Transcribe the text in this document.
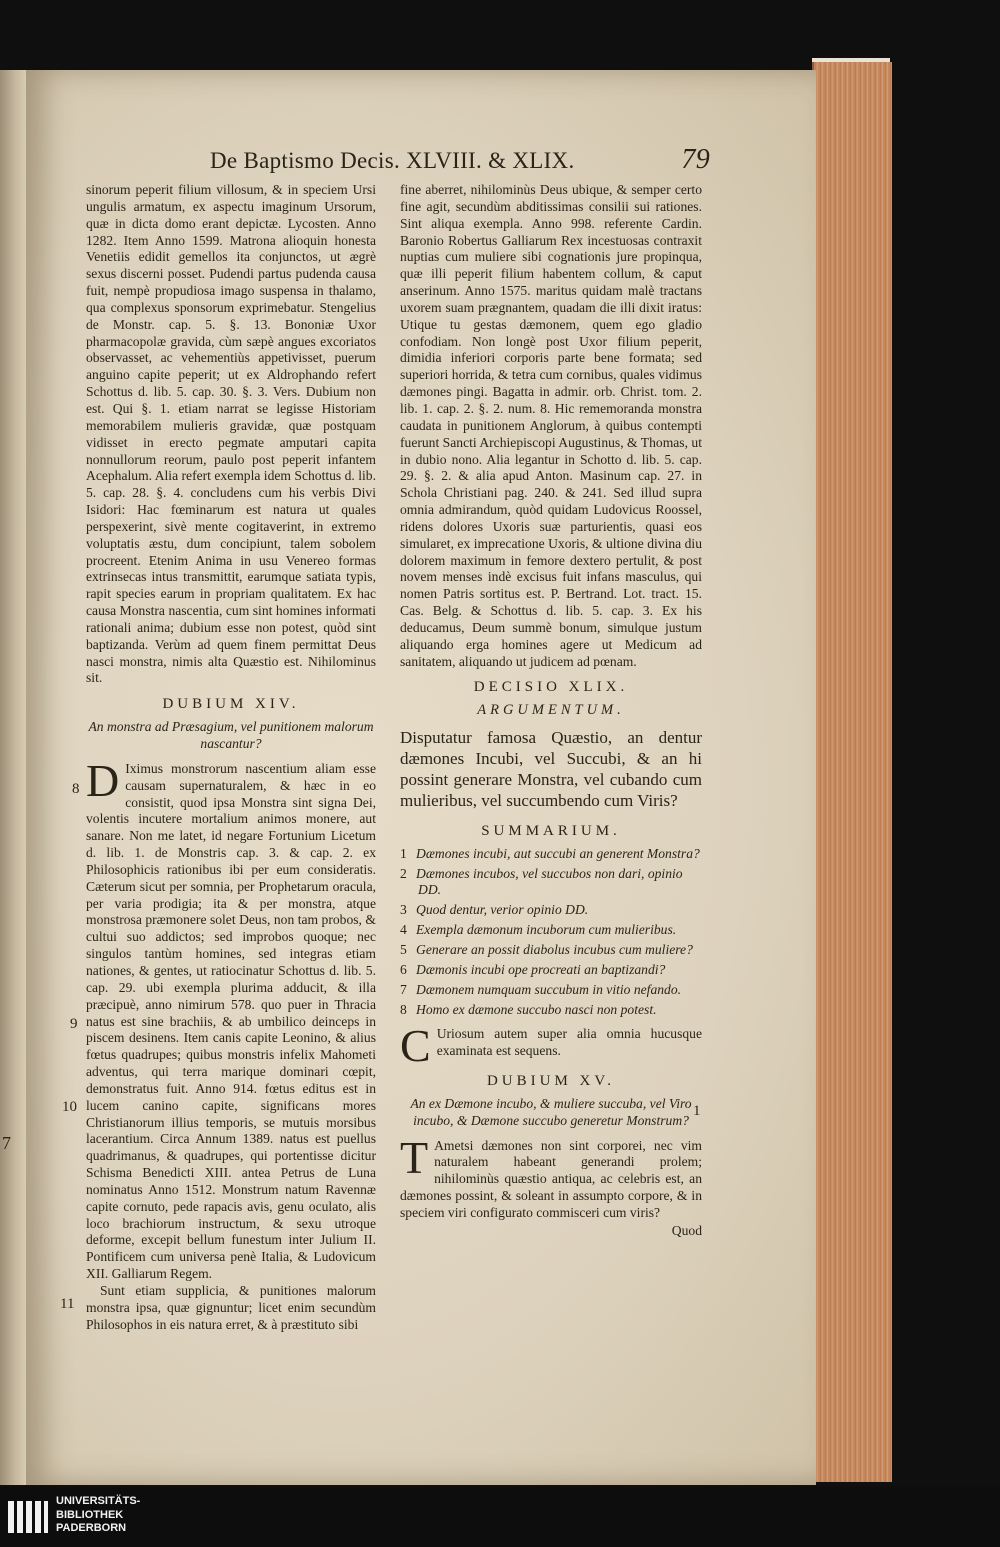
De Baptismo Decis. XLVIII. & XLIX.	79

sinorum peperit filium villosum, & in speciem Ursi ungulis armatum, ex aspectu imaginum Ursorum, quæ in dicta domo erant depictæ. Lycosten. Anno 1282. Item Anno 1599. Matrona alioquin honesta Venetiis edidit gemellos ita conjunctos, ut ægrè sexus discerni posset. Pudendi partus pudenda causa fuit, nempè propudiosa imago suspensa in thalamo, qua complexus sponsorum exprimebatur. Stengelius de Monstr. cap. 5. §. 13. Bononiæ Uxor pharmacopolæ gravida, cùm sæpè angues excoriatos observasset, ac vehementiùs appetivisset, puerum anguino capite peperit; ut ex Aldrophando refert Schottus d. lib. 5. cap. 30. §. 3. Vers. Dubium non est. Qui §. 1. etiam narrat se legisse Historiam memorabilem mulieris gravidæ, quæ postquam vidisset in erecto pegmate amputari capita nonnullorum reorum, paulo post peperit infantem Acephalum. Alia refert exempla idem Schottus d. lib. 5. cap. 28. §. 4. concludens cum his verbis Divi Isidori: Hac fœminarum est natura ut quales perspexerint, sivè mente cogitaverint, in extremo voluptatis æstu, dum concipiunt, talem sobolem procreent. Etenim Anima in usu Venereo formas extrinsecas intus transmittit, earumque satiata typis, rapit species earum in propriam qualitatem. Ex hac causa Monstra nascentia, cum sint homines informati rationali anima; dubium esse non potest, quòd sint baptizanda. Verùm ad quem finem permittat Deus nasci monstra, nimis alta Quæstio est. Nihilominus sit.

DUBIUM XIV.
An monstra ad Præsagium, vel punitionem malorum nascantur?
D Iximus monstrorum nascentium aliam esse causam supernaturalem, & hæc in eo consistit, quod ipsa Monstra sint signa Dei, volentis incutere mortalium animos monere, aut sanare. Non me latet, id negare Fortunium Licetum d. lib. 1. de Monstris cap. 3. & cap. 2. ex Philosophicis rationibus ibi per eum consideratis. Cæterum sicut per somnia, per Prophetarum oracula, per varia prodigia; ita & per monstra, atque monstrosa præmonere solet Deus, non tam probos, & cultui suo addictos; sed improbos quoque; nec singulos tantùm homines, sed integras etiam nationes, & gentes, ut ratiocinatur Schottus d. lib. 5. cap. 29. ubi exempla plurima adducit, & illa præcipuè, anno nimirum 578. quo puer in Thracia natus est sine brachiis, & ab umbilico deinceps in piscem desinens. Item canis capite Leonino, & alius fœtus quadrupes; quibus monstris infelix Mahometi adventus, qui terra marique dominari cœpit, demonstratus fuit. Anno 914. fœtus editus est in lucem canino capite, significans mores Christianorum illius temporis, se mutuis morsibus lacerantium. Circa Annum 1389. natus est puellus quadrimanus, & quadrupes, qui portentisse dicitur Schisma Benedicti XIII. antea Petrus de Luna nominatus Anno 1512. Monstrum natum Ravennæ capite cornuto, pede rapacis avis, genu oculato, alis loco brachiorum instructum, & sexu utroque deforme, excepit bellum funestum inter Julium II. Pontificem cum universa penè Italia, & Ludovicum XII. Galliarum Regem.

Sunt etiam supplicia, & punitiones malorum monstra ipsa, quæ gignuntur; licet enim secundùm Philosophos in eis natura erret, & à præstituto sibi

fine aberret, nihilominùs Deus ubique, & semper certo fine agit, secundùm abditissimas consilii sui rationes. Sint aliqua exempla. Anno 998. referente Cardin. Baronio Robertus Galliarum Rex incestuosas contraxit nuptias cum muliere sibi cognationis jure propinqua, quæ illi peperit filium habentem collum, & caput anserinum. Anno 1575. maritus quidam malè tractans uxorem suam prægnantem, quadam die illi dixit iratus: Utique tu gestas dæmonem, quem ego gladio confodiam. Non longè post Uxor filium peperit, dimidia inferiori corporis parte bene formata; sed superiori horrida, & tetra cum cornibus, quales vidimus dæmones pingi. Bagatta in admir. orb. Christ. tom. 2. lib. 1. cap. 2. §. 2. num. 8. Hic rememoranda monstra caudata in punitionem Anglorum, à quibus contempti fuerunt Sancti Archiepiscopi Augustinus, & Thomas, ut in dubio nono. Alia legantur in Schotto d. lib. 5. cap. 29. §. 2. & alia apud Anton. Masinum cap. 27. in Schola Christiani pag. 240. & 241. Sed illud supra omnia admirandum, quòd quidam Ludovicus Roossel, ridens dolores Uxoris suæ parturientis, quasi eos simularet, ex imprecatione Uxoris, & ultione divina diu dolorem maximum in femore dextero pertulit, & post novem menses indè excisus fuit infans masculus, qui nomen Patris sortitus est. P. Bertrand. Lot. tract. 15. Cas. Belg. & Schottus d. lib. 5. cap. 3. Ex his deducamus, Deum summè bonum, simulque justum aliquando erga homines agere ut Medicum ad sanitatem, aliquando ut judicem ad pœnam.

DECISIO XLIX.
ARGUMENTUM.
Disputatur famosa Quæstio, an dentur dæmones Incubi, vel Succubi, & an hi possint generare Monstra, vel cubando cum mulieribus, vel succumbendo cum Viris?
SUMMARIUM.
1 Dæmones incubi, aut succubi an generent Monstra?
2 Dæmones incubos, vel succubos non dari, opinio DD.
3 Quod dentur, verior opinio DD.
4 Exempla dæmonum incuborum cum mulieribus.
5 Generare an possit diabolus incubus cum muliere?
6 Dæmonis incubi ope procreati an baptizandi?
7 Dæmonem numquam succubum in vitio nefando.
8 Homo ex dæmone succubo nasci non potest.
C Uriosum autem super alia omnia hucusque examinata est sequens.

DUBIUM XV.
An ex Dæmone incubo, & muliere succuba, vel Viro incubo, & Dæmone succubo generetur Monstrum?
T Ametsi dæmones non sint corporei, nec vim naturalem habeant generandi prolem; nihilominùs quæstio antiqua, ac celebris est, an dæmones possint, & soleant in assumpto corpore, & in speciem viri configurato commisceri cum viris?

Quod
8
9
10
11
1
7
UNIVERSITÄTS-
BIBLIOTHEK
PADERBORN
